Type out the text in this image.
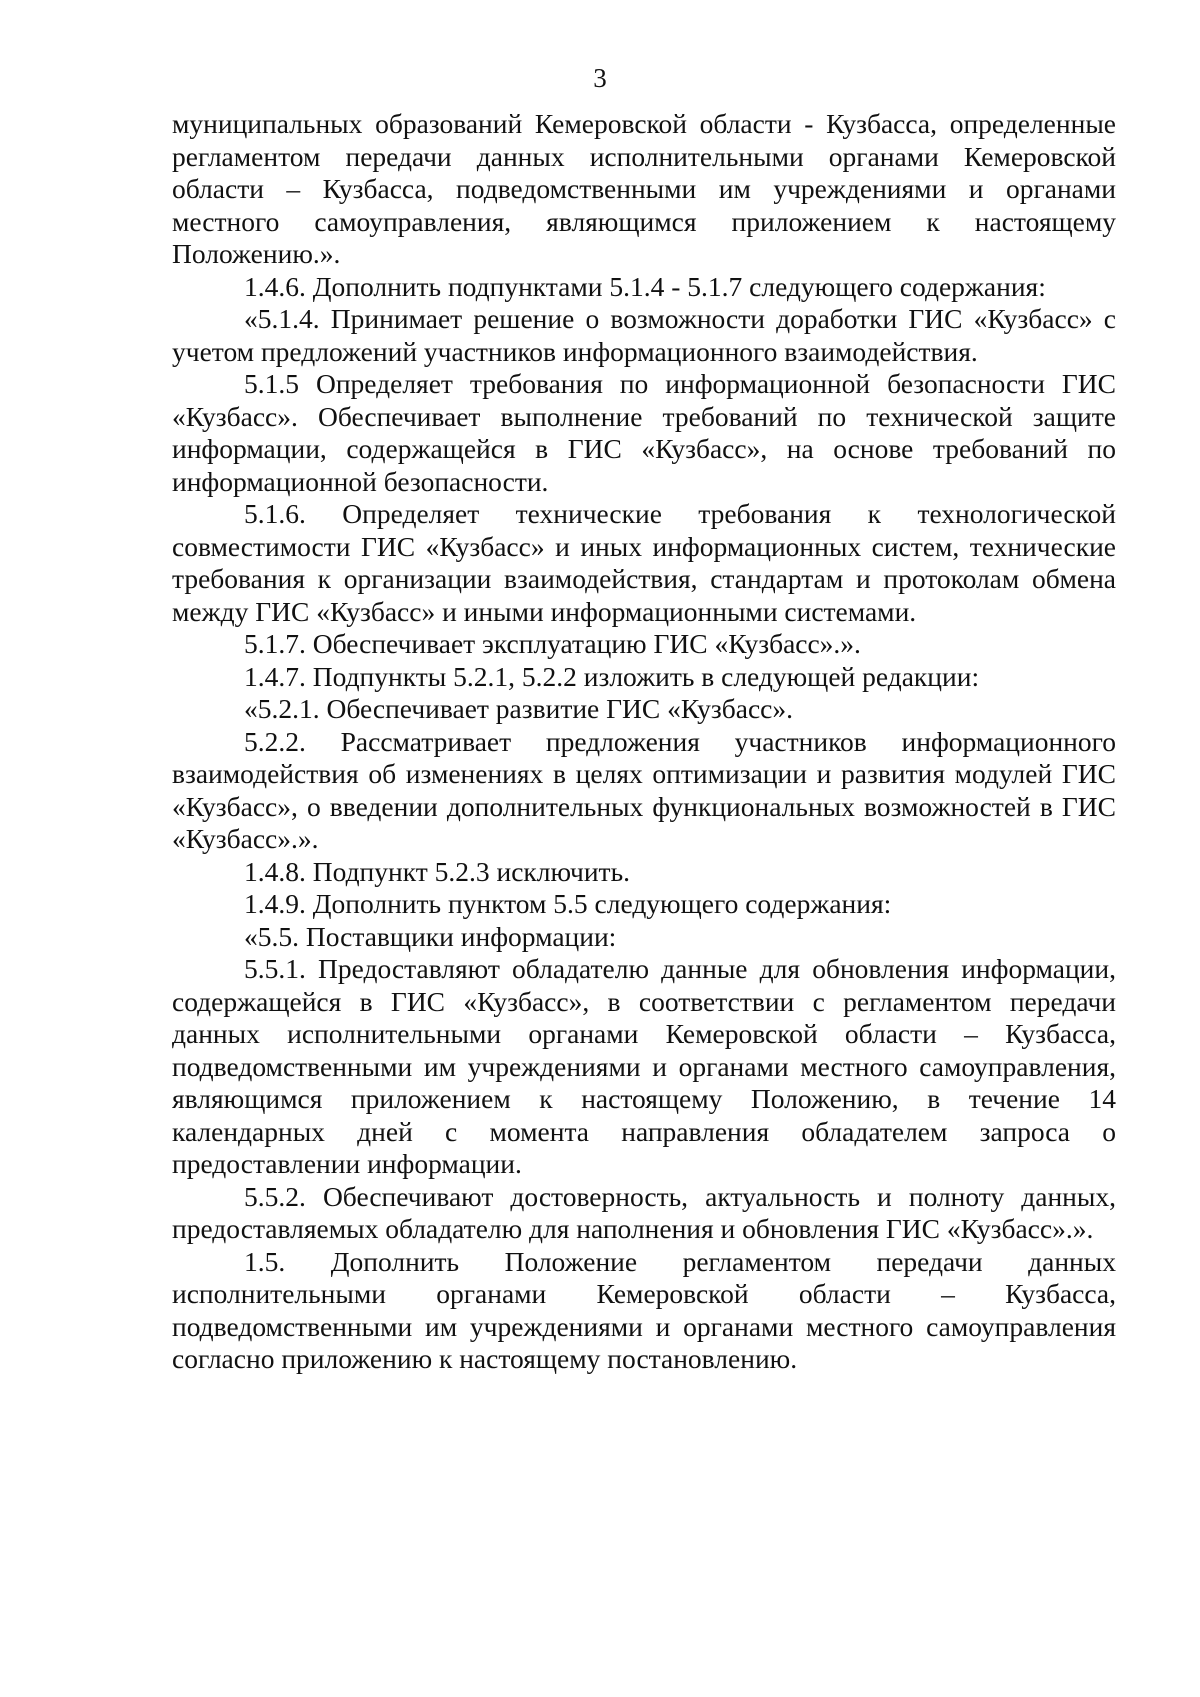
3

муниципальных образований Кемеровской области - Кузбасса, определенные регламентом передачи данных исполнительными органами Кемеровской области – Кузбасса, подведомственными им учреждениями и органами местного самоуправления, являющимся приложением к настоящему Положению.».

1.4.6. Дополнить подпунктами 5.1.4 - 5.1.7 следующего содержания:

«5.1.4. Принимает решение о возможности доработки ГИС «Кузбасс» с учетом предложений участников информационного взаимодействия.

5.1.5 Определяет требования по информационной безопасности ГИС «Кузбасс». Обеспечивает выполнение требований по технической защите информации, содержащейся в ГИС «Кузбасс», на основе требований по информационной безопасности.

5.1.6. Определяет технические требования к технологической совместимости ГИС «Кузбасс» и иных информационных систем, технические требования к организации взаимодействия, стандартам и протоколам обмена между ГИС «Кузбасс» и иными информационными системами.

5.1.7. Обеспечивает эксплуатацию ГИС «Кузбасс».».

1.4.7. Подпункты 5.2.1, 5.2.2 изложить в следующей редакции:

«5.2.1. Обеспечивает развитие ГИС «Кузбасс».

5.2.2. Рассматривает предложения участников информационного взаимодействия об изменениях в целях оптимизации и развития модулей ГИС «Кузбасс», о введении дополнительных функциональных возможностей в ГИС «Кузбасс».».

1.4.8. Подпункт 5.2.3 исключить.

1.4.9. Дополнить пунктом 5.5 следующего содержания:

«5.5. Поставщики информации:

5.5.1. Предоставляют обладателю данные для обновления информации, содержащейся в ГИС «Кузбасс», в соответствии с регламентом передачи данных исполнительными органами Кемеровской области – Кузбасса, подведомственными им учреждениями и органами местного самоуправления, являющимся приложением к настоящему Положению, в течение 14 календарных дней с момента направления обладателем запроса о предоставлении информации.

5.5.2. Обеспечивают достоверность, актуальность и полноту данных, предоставляемых обладателю для наполнения и обновления ГИС «Кузбасс».».

1.5. Дополнить Положение регламентом передачи данных исполнительными органами Кемеровской области – Кузбасса, подведомственными им учреждениями и органами местного самоуправления согласно приложению к настоящему постановлению.
